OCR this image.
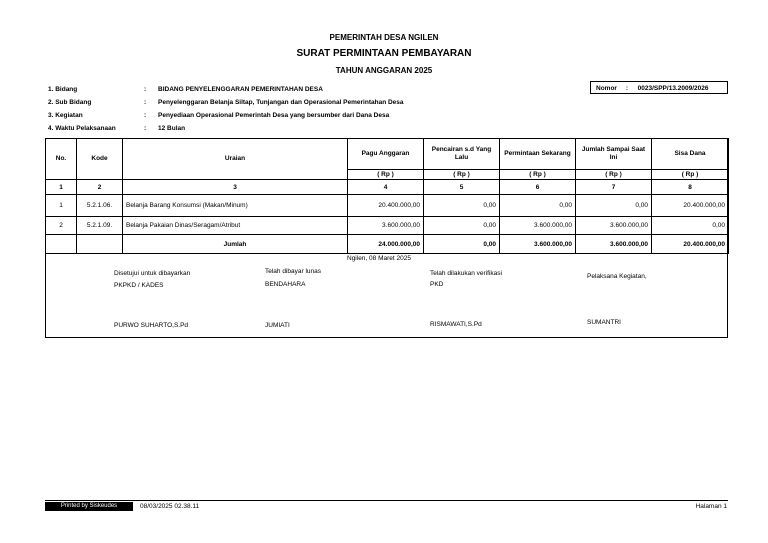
PEMERINTAH DESA NGILEN
SURAT PERMINTAAN PEMBAYARAN
TAHUN ANGGARAN 2025
1. Bidang	: BIDANG PENYELENGGARAN PEMERINTAHAN DESA
2. Sub Bidang	: Penyelenggaran Belanja Siltap, Tunjangan dan Operasional Pemerintahan Desa
3. Kegiatan	: Penyediaan Operasional Pemerintah Desa yang bersumber dari Dana Desa
4. Waktu Pelaksanaan	: 12 Bulan
Nomor : 0023/SPP/13.2009/2026
No.	Kode	Uraian	Pagu Anggaran	Pencairan s.d Yang Lalu	Permintaan Sekarang	Jumlah Sampai Saat Ini	Sisa Dana
			( Rp )	( Rp )	( Rp )	( Rp )	( Rp )
1	2	3	4	5	6	7	8
1	5.2.1.06.	Belanja Barang Konsumsi (Makan/Minum)	20.400.000,00	0,00	0,00	0,00	20.400.000,00
2	5.2.1.09.	Belanja Pakaian Dinas/Seragam/Atribut	3.600.000,00	0,00	3.600.000,00	3.600.000,00	0,00
		Jumlah	24.000.000,00	0,00	3.600.000,00	3.600.000,00	20.400.000,00
Ngilen, 08 Maret 2025
Disetujui untuk dibayarkan
PKPKD / KADES
PURWO SUHARTO,S.Pd
Telah dibayar lunas
BENDAHARA
JUMIATI
Telah dilakukan verifikasi
PKD
RISMAWATI,S.Pd
Pelaksana Kegiatan,
SUMANTRI
Printed by Siskeudes	08/03/2025 02.38.11	Halaman 1
